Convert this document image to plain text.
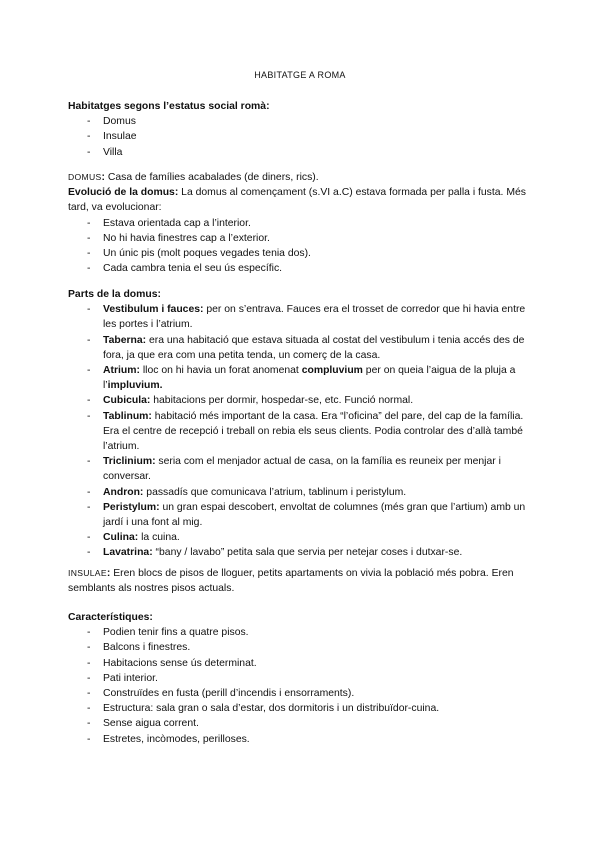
HABITATGE A ROMA
Habitatges segons l’estatus social romà:
- Domus
- Insulae
- Villa
DOMUS: Casa de famílies acabalades (de diners, rics).
Evolució de la domus: La domus al començament (s.VI a.C) estava formada per palla i fusta. Més tard, va evolucionar:
- Estava orientada cap a l’interior.
- No hi havia finestres cap a l’exterior.
- Un únic pis (molt poques vegades tenia dos).
- Cada cambra tenia el seu ús específic.
Parts de la domus:
- Vestibulum i fauces: per on s’entrava. Fauces era el trosset de corredor que hi havia entre les portes i l’atrium.
- Taberna: era una habitació que estava situada al costat del vestibulum i tenia accés des de fora, ja que era com una petita tenda, un comerç de la casa.
- Atrium: lloc on hi havia un forat anomenat compluvium per on queia l’aigua de la pluja a l’impluvium.
- Cubicula: habitacions per dormir, hospedar-se, etc. Funció normal.
- Tablinum: habitació més important de la casa. Era “l’oficina” del pare, del cap de la família. Era el centre de recepció i treball on rebia els seus clients. Podia controlar des d’allà també l’atrium.
- Triclinium: seria com el menjador actual de casa, on la família es reuneix per menjar i conversar.
- Andron: passadís que comunicava l’atrium, tablinum i peristylum.
- Peristylum: un gran espai descobert, envoltat de columnes (més gran que l’artium) amb un jardí i una font al mig.
- Culina: la cuina.
- Lavatrina: “bany / lavabo” petita sala que servia per netejar coses i dutxar-se.
INSULAE: Eren blocs de pisos de lloguer, petits apartaments on vivia la població més pobra. Eren semblants als nostres pisos actuals.
Característiques:
- Podien tenir fins a quatre pisos.
- Balcons i finestres.
- Habitacions sense ús determinat.
- Pati interior.
- Construïdes en fusta (perill d’incendis i ensorraments).
- Estructura: sala gran o sala d’estar, dos dormitoris i un distribuïdor-cuina.
- Sense aigua corrent.
- Estretes, incòmodes, perilloses.
